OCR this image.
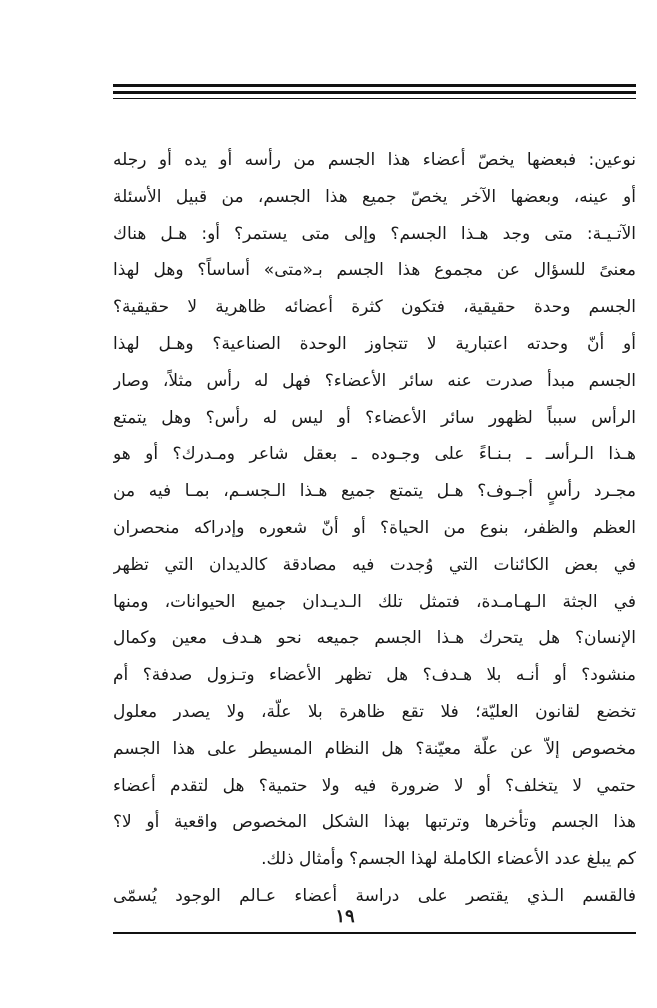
نوعين: فبعضها يخصّ أعضاء هذا الجسم من رأسه أو يده أو رجله
أو عينه، وبعضها الآخر يخصّ جميع هذا الجسم، من قبيل الأسئلة
الآتـيـة: متى وجد هـذا الجسم؟ وإلى متى يستمر؟ أو: هـل هناك
معنىً للسؤال عن مجموع هذا الجسم بـ«متى» أساساً؟ وهل لهذا
الجسم وحدة حقيقية، فتكون كثرة أعضائه ظاهرية لا حقيقية؟
أو أنّ وحدته اعتبارية لا تتجاوز الوحدة الصناعية؟ وهـل لهذا
الجسم مبدأ صدرت عنه سائر الأعضاء؟ فهل له رأس مثلاً، وصار
الرأس سبباً لظهور سائر الأعضاء؟ أو ليس له رأس؟ وهل يتمتع
هـذا الـرأسـ ـ بـنـاءً على وجـوده ـ بعقل شاعر ومـدرك؟ أو هو
مجـرد رأسٍ أجـوف؟ هـل يتمتع جميع هـذا الـجسـم، بمـا فيه من
العظم والظفر، بنوع من الحياة؟ أو أنّ شعوره وإدراكه منحصران
في بعض الكائنات التي وُجدت فيه مصادقة كالديدان التي تظهر
في الجثة الـهـامـدة، فتمثل تلك الـديـدان جميع الحيوانات، ومنها
الإنسان؟ هل يتحرك هـذا الجسم جميعه نحو هـدف معين وكمال
منشود؟ أو أنـه بلا هـدف؟ هل تظهر الأعضاء وتـزول صدفة؟ أم
تخضع لقانون العليّة؛ فلا تقع ظاهرة بلا علّة، ولا يصدر معلول
مخصوص إلاّ عن علّة معيّنة؟ هل النظام المسيطر على هذا الجسم
حتمي لا يتخلف؟ أو لا ضرورة فيه ولا حتمية؟ هل لتقدم أعضاء
هذا الجسم وتأخرها وترتبها بهذا الشكل المخصوص واقعية أو لا؟
كم يبلغ عدد الأعضاء الكاملة لهذا الجسم؟ وأمثال ذلك.
فالقسم الـذي يقتصر على دراسة أعضاء عـالم الوجود يُسمّى
١٩
